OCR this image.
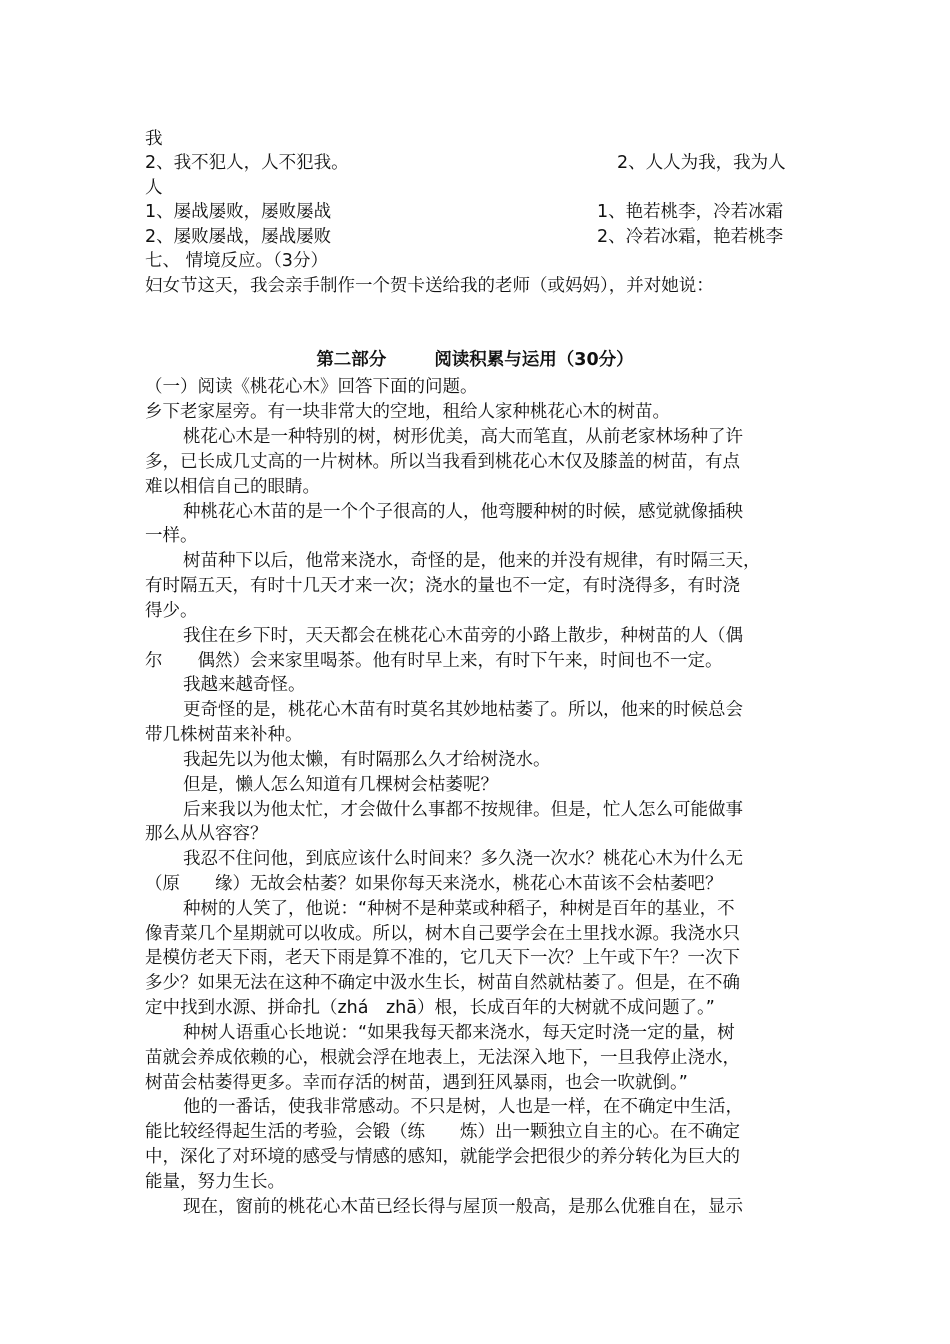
我
2、我不犯人，人不犯我。	2、人人为我，我为人
人
1、屡战屡败，屡败屡战	1、艳若桃李，冷若冰霜
2、屡败屡战，屡战屡败	2、冷若冰霜，艳若桃李
七、 情境反应。（3分）
妇女节这天，我会亲手制作一个贺卡送给我的老师（或妈妈），并对她说：
第二部分	阅读积累与运用（30分）
（一）阅读《桃花心木》回答下面的问题。
乡下老家屋旁。有一块非常大的空地，租给人家种桃花心木的树苗。
桃花心木是一种特别的树，树形优美，高大而笔直，从前老家林场种了许
多，已长成几丈高的一片树林。所以当我看到桃花心木仅及膝盖的树苗，有点
难以相信自己的眼睛。
种桃花心木苗的是一个个子很高的人，他弯腰种树的时候，感觉就像插秧
一样。
树苗种下以后，他常来浇水，奇怪的是，他来的并没有规律，有时隔三天，
有时隔五天，有时十几天才来一次；浇水的量也不一定，有时浇得多，有时浇
得少。
我住在乡下时，天天都会在桃花心木苗旁的小路上散步，种树苗的人（偶
尔　　偶然）会来家里喝茶。他有时早上来，有时下午来，时间也不一定。
我越来越奇怪。
更奇怪的是，桃花心木苗有时莫名其妙地枯萎了。所以，他来的时候总会
带几株树苗来补种。
我起先以为他太懒，有时隔那么久才给树浇水。
但是，懒人怎么知道有几棵树会枯萎呢？
后来我以为他太忙，才会做什么事都不按规律。但是，忙人怎么可能做事
那么从从容容？
我忍不住问他，到底应该什么时间来？多久浇一次水？桃花心木为什么无
（原　　缘）无故会枯萎？如果你每天来浇水，桃花心木苗该不会枯萎吧？
种树的人笑了，他说：“种树不是种菜或种稻子，种树是百年的基业，不
像青菜几个星期就可以收成。所以，树木自己要学会在土里找水源。我浇水只
是模仿老天下雨，老天下雨是算不准的，它几天下一次？上午或下午？一次下
多少？如果无法在这种不确定中汲水生长，树苗自然就枯萎了。但是，在不确
定中找到水源、拼命扎（zhá　zhā）根，长成百年的大树就不成问题了。”
种树人语重心长地说：“如果我每天都来浇水，每天定时浇一定的量，树
苗就会养成依赖的心，根就会浮在地表上，无法深入地下，一旦我停止浇水，
树苗会枯萎得更多。幸而存活的树苗，遇到狂风暴雨，也会一吹就倒。”
他的一番话，使我非常感动。不只是树，人也是一样，在不确定中生活，
能比较经得起生活的考验，会锻（练　　炼）出一颗独立自主的心。在不确定
中，深化了对环境的感受与情感的感知，就能学会把很少的养分转化为巨大的
能量，努力生长。
现在，窗前的桃花心木苗已经长得与屋顶一般高，是那么优雅自在，显示
